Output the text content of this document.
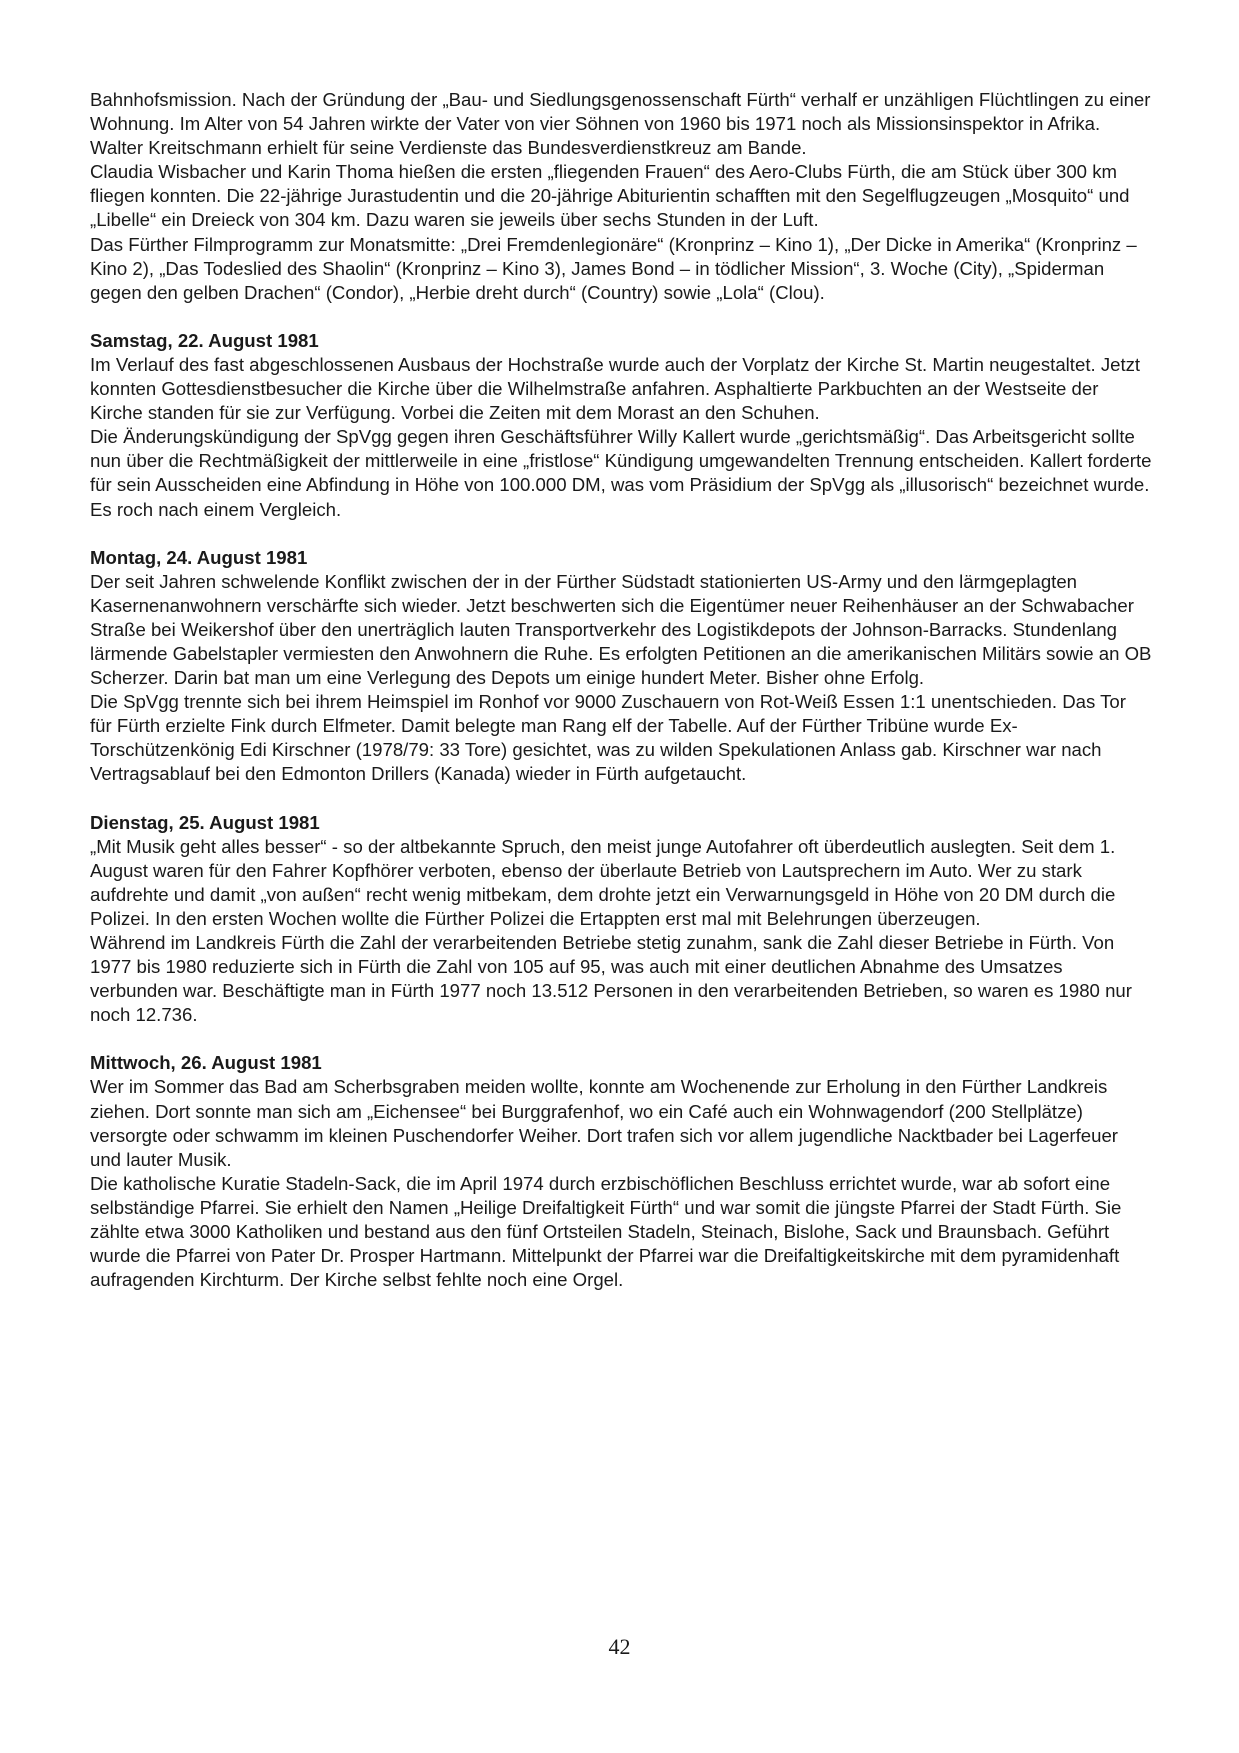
Bahnhofsmission. Nach der Gründung der „Bau- und Siedlungsgenossenschaft Fürth“ verhalf er unzähligen Flüchtlingen zu einer Wohnung. Im Alter von 54 Jahren wirkte der Vater von vier Söhnen von 1960 bis 1971 noch als Missionsinspektor in Afrika. Walter Kreitschmann erhielt für seine Verdienste das Bundesverdienstkreuz am Bande.

Claudia Wisbacher und Karin Thoma hießen die ersten „fliegenden Frauen“ des Aero-Clubs Fürth, die am Stück über 300 km fliegen konnten. Die 22-jährige Jurastudentin und die 20-jährige Abiturientin schafften mit den Segelflugzeugen „Mosquito“ und „Libelle“ ein Dreieck von 304 km. Dazu waren sie jeweils über sechs Stunden in der Luft.

Das Fürther Filmprogramm zur Monatsmitte: „Drei Fremdenlegionäre“ (Kronprinz – Kino 1), „Der Dicke in Amerika“ (Kronprinz – Kino 2), „Das Todeslied des Shaolin“ (Kronprinz – Kino 3), James Bond – in tödlicher Mission“, 3. Woche (City), „Spiderman gegen den gelben Drachen“ (Condor), „Herbie dreht durch“ (Country) sowie „Lola“ (Clou).

Samstag, 22. August 1981

Im Verlauf des fast abgeschlossenen Ausbaus der Hochstraße wurde auch der Vorplatz der Kirche St. Martin neugestaltet. Jetzt konnten Gottesdienstbesucher die Kirche über die Wilhelmstraße anfahren. Asphaltierte Parkbuchten an der Westseite der Kirche standen für sie zur Verfügung. Vorbei die Zeiten mit dem Morast an den Schuhen.

Die Änderungskündigung der SpVgg gegen ihren Geschäftsführer Willy Kallert wurde „gerichtsmäßig“. Das Arbeitsgericht sollte nun über die Rechtmäßigkeit der mittlerweile in eine „fristlose“ Kündigung umgewandelten Trennung entscheiden. Kallert forderte für sein Ausscheiden eine Abfindung in Höhe von 100.000 DM, was vom Präsidium der SpVgg als „illusorisch“ bezeichnet wurde. Es roch nach einem Vergleich.

Montag, 24. August 1981

Der seit Jahren schwelende Konflikt zwischen der in der Fürther Südstadt stationierten US-Army und den lärmgeplagten Kasernenanwohnern verschärfte sich wieder. Jetzt beschwerten sich die Eigentümer neuer Reihenhäuser an der Schwabacher Straße bei Weikershof über den unerträglich lauten Transportverkehr des Logistikdepots der Johnson-Barracks. Stundenlang lärmende Gabelstapler vermiesten den Anwohnern die Ruhe. Es erfolgten Petitionen an die amerikanischen Militärs sowie an OB Scherzer. Darin bat man um eine Verlegung des Depots um einige hundert Meter. Bisher ohne Erfolg.

Die SpVgg trennte sich bei ihrem Heimspiel im Ronhof vor 9000 Zuschauern von Rot-Weiß Essen 1:1 unentschieden. Das Tor für Fürth erzielte Fink durch Elfmeter. Damit belegte man Rang elf der Tabelle. Auf der Fürther Tribüne wurde Ex-Torschützenkönig Edi Kirschner (1978/79: 33 Tore) gesichtet, was zu wilden Spekulationen Anlass gab. Kirschner war nach Vertragsablauf bei den Edmonton Drillers (Kanada) wieder in Fürth aufgetaucht.

Dienstag, 25. August 1981

„Mit Musik geht alles besser“ - so der altbekannte Spruch, den meist junge Autofahrer oft überdeutlich auslegten. Seit dem 1. August waren für den Fahrer Kopfhörer verboten, ebenso der überlaute Betrieb von Lautsprechern im Auto. Wer zu stark aufdrehte und damit „von außen“ recht wenig mitbekam, dem drohte jetzt ein Verwarnungsgeld in Höhe von 20 DM durch die Polizei. In den ersten Wochen wollte die Fürther Polizei die Ertappten erst mal mit Belehrungen überzeugen.

Während im Landkreis Fürth die Zahl der verarbeitenden Betriebe stetig zunahm, sank die Zahl dieser Betriebe in Fürth. Von 1977 bis 1980 reduzierte sich in Fürth die Zahl von 105 auf 95, was auch mit einer deutlichen Abnahme des Umsatzes verbunden war. Beschäftigte man in Fürth 1977 noch 13.512 Personen in den verarbeitenden Betrieben, so waren es 1980 nur noch 12.736.

Mittwoch, 26. August 1981

Wer im Sommer das Bad am Scherbsgraben meiden wollte, konnte am Wochenende zur Erholung in den Fürther Landkreis ziehen. Dort sonnte man sich am „Eichensee“ bei Burggrafenhof, wo ein Café auch ein Wohnwagendorf (200 Stellplätze) versorgte oder schwamm im kleinen Puschendorfer Weiher. Dort trafen sich vor allem jugendliche Nacktbader bei Lagerfeuer und lauter Musik.

Die katholische Kuratie Stadeln-Sack, die im April 1974 durch erzbischöflichen Beschluss errichtet wurde, war ab sofort eine selbständige Pfarrei. Sie erhielt den Namen „Heilige Dreifaltigkeit Fürth“ und war somit die jüngste Pfarrei der Stadt Fürth. Sie zählte etwa 3000 Katholiken und bestand aus den fünf Ortsteilen Stadeln, Steinach, Bislohe, Sack und Braunsbach. Geführt wurde die Pfarrei von Pater Dr. Prosper Hartmann. Mittelpunkt der Pfarrei war die Dreifaltigkeitskirche mit dem pyramidenhaft aufragenden Kirchturm. Der Kirche selbst fehlte noch eine Orgel.

42
